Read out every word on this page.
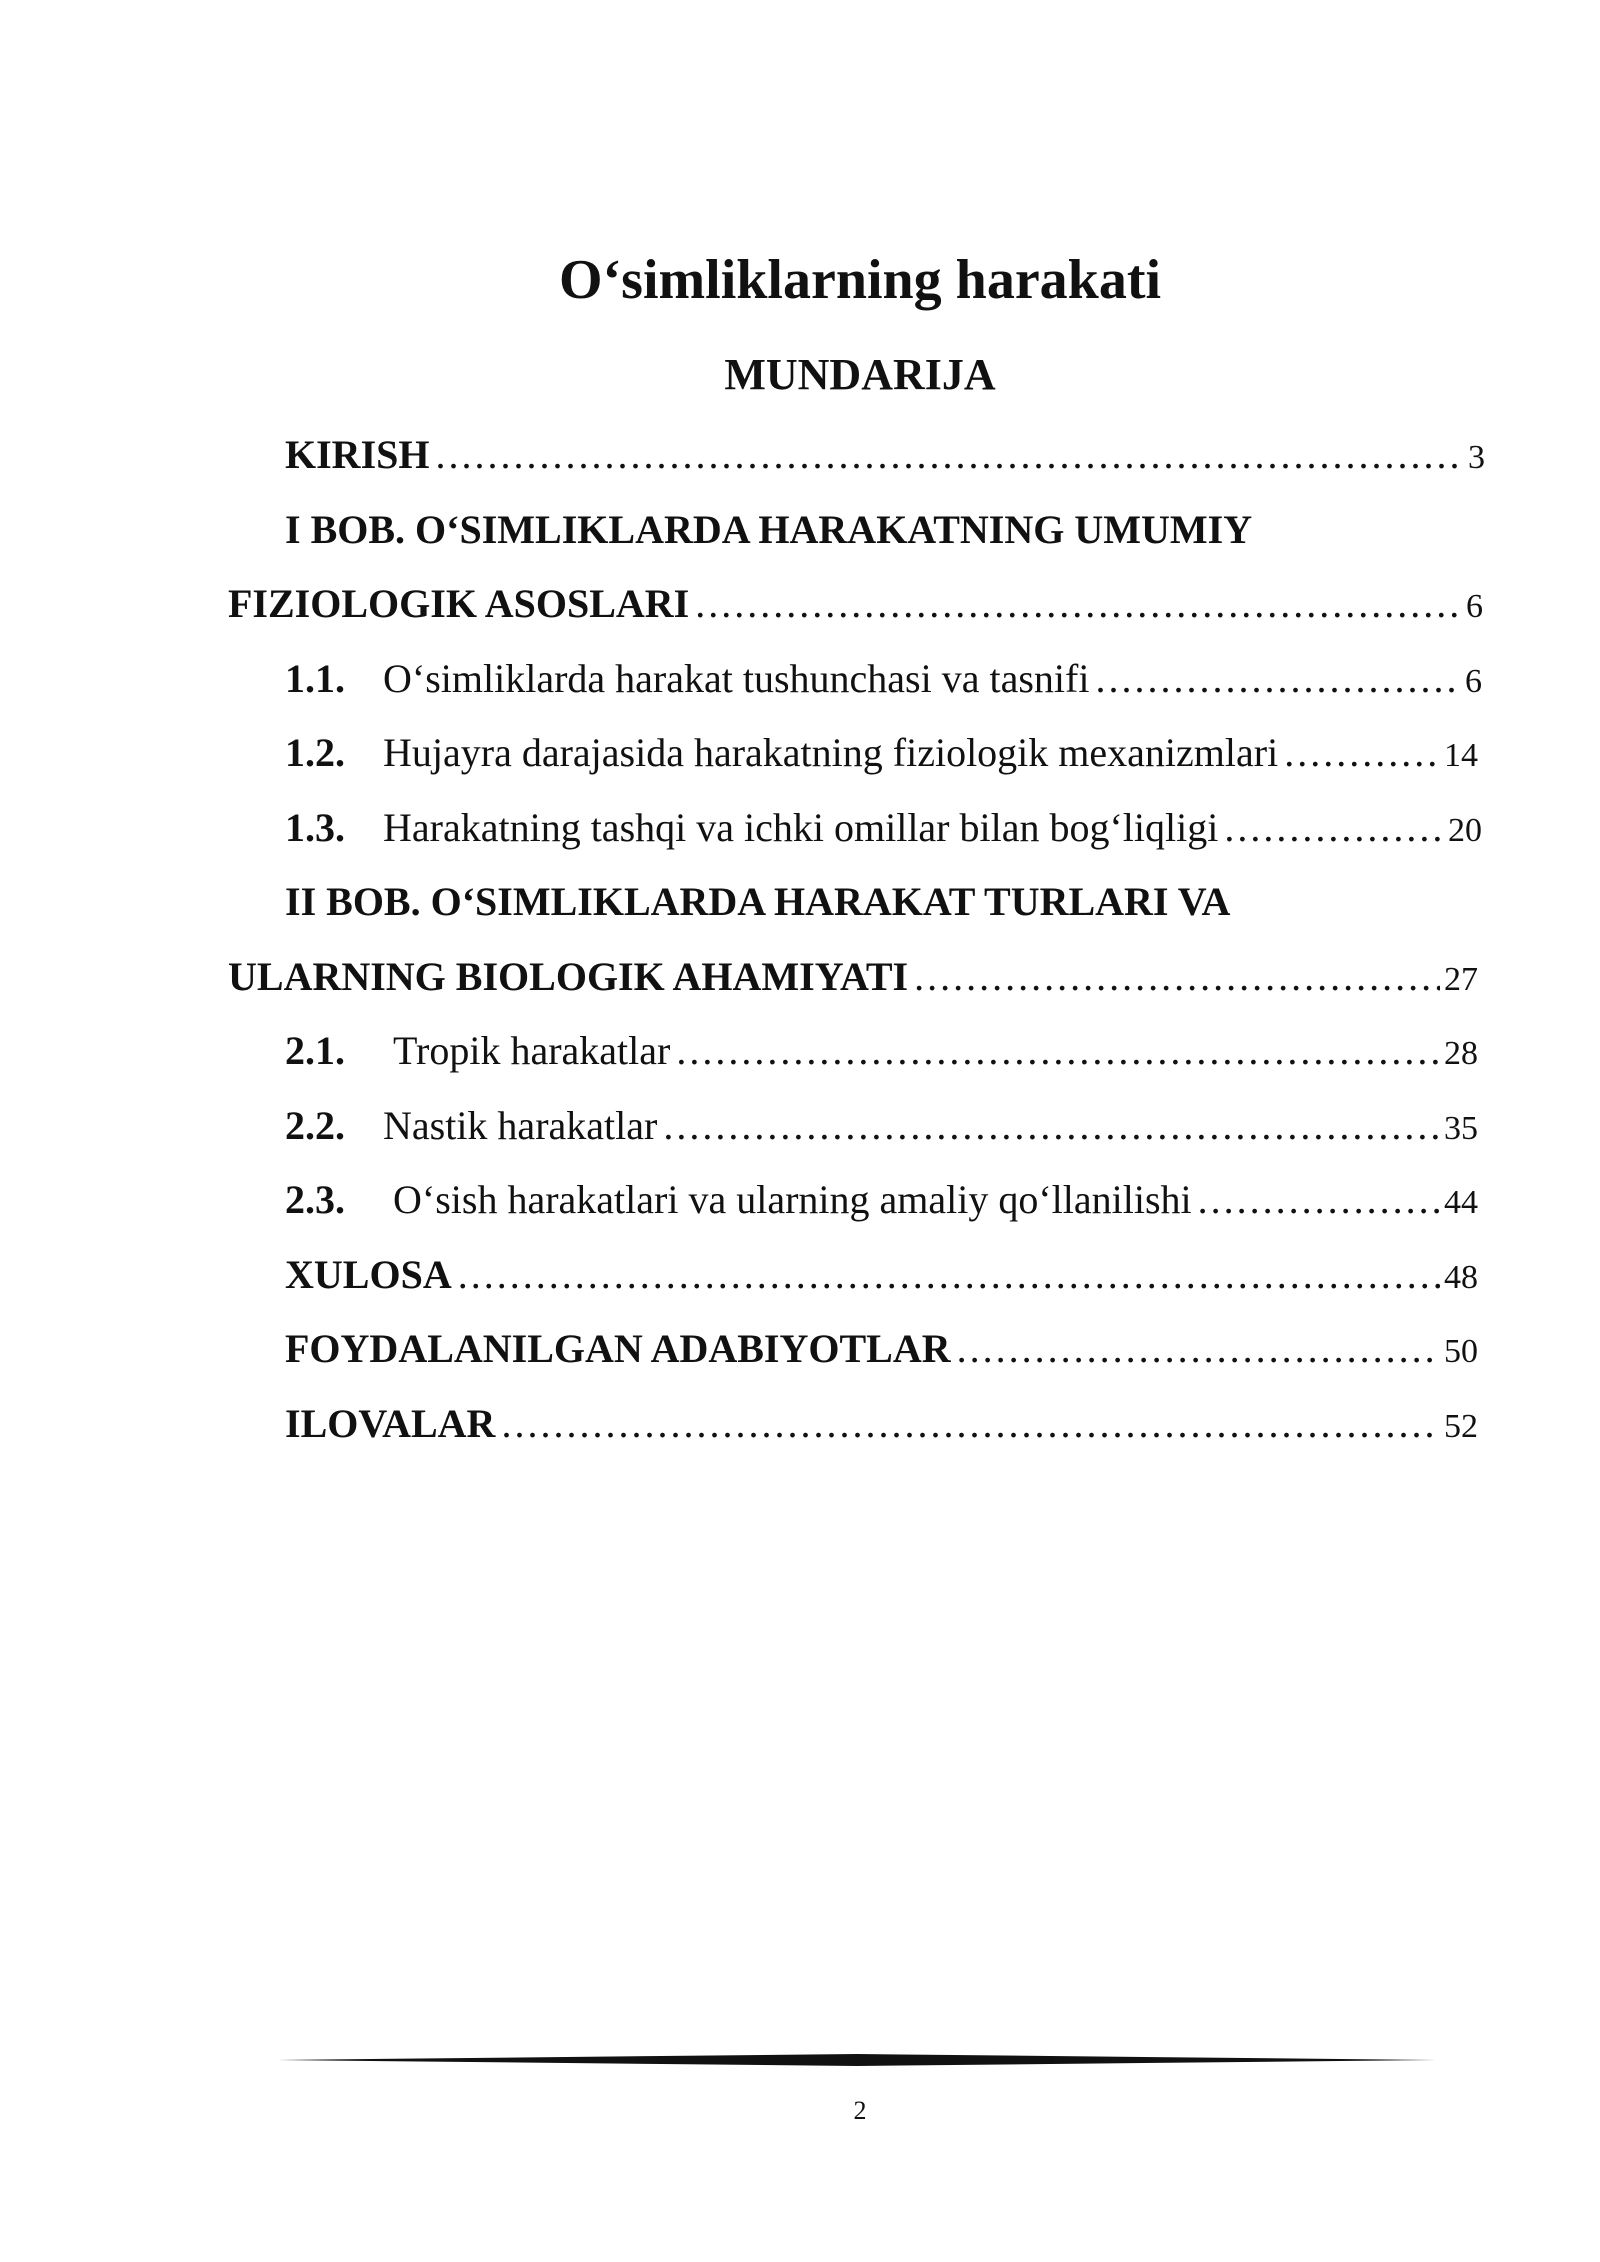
O‘simliklarning harakati
MUNDARIJA
KIRISH .....	3
I BOB. O‘SIMLIKLARDA HARAKATNING UMUMIY
FIZIOLOGIK ASOSLARI .....	6
1.1. O‘simliklarda harakat tushunchasi va tasnifi .....	6
1.2. Hujayra darajasida harakatning fiziologik mexanizmlari .....	14
1.3. Harakatning tashqi va ichki omillar bilan bog‘liqligi .....	20
II BOB. O‘SIMLIKLARDA HARAKAT TURLARI VA
ULARNING BIOLOGIK AHAMIYATI .....	27
2.1.	Tropik harakatlar .....	28
2.2. Nastik harakatlar .....	35
2.3.	O‘sish harakatlari va ularning amaliy qo‘llanilishi .....	44
XULOSA .....	48
FOYDALANILGAN ADABIYOTLAR .....	50
ILOVALAR .....	52
2
